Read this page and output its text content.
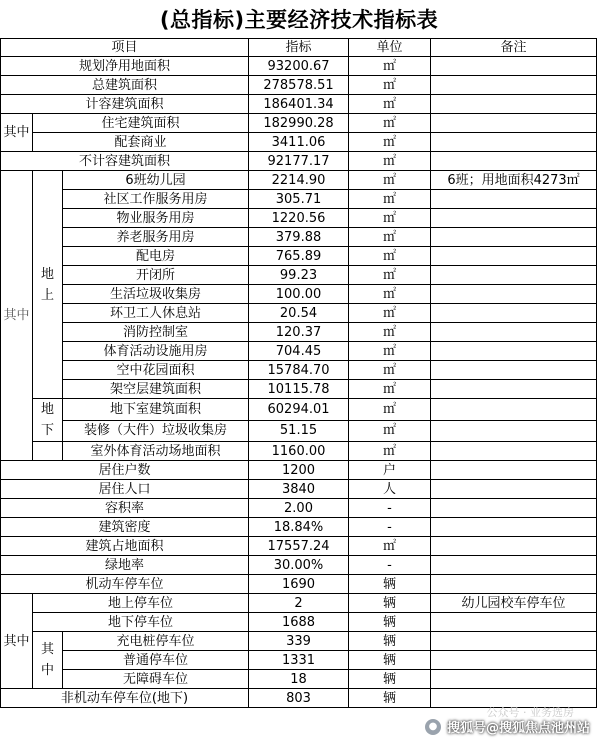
(总指标)主要经济技术指标表
项目			指标	单位	备注
规划净用地面积			93200.67	㎡	
总建筑面积			278578.51	㎡	
计容建筑面积			186401.34	㎡	
其中	住宅建筑面积		182990.28	㎡	
	配套商业		3411.06	㎡	
不计容建筑面积			92177.17	㎡	
其中	地上	6班幼儿园	2214.90	㎡	6班；用地面积4273㎡
		社区工作服务用房	305.71	㎡	
		物业服务用房	1220.56	㎡	
		养老服务用房	379.88	㎡	
		配电房	765.89	㎡	
		开闭所	99.23	㎡	
		生活垃圾收集房	100.00	㎡	
		环卫工人休息站	20.54	㎡	
		消防控制室	120.37	㎡	
		体育活动设施用房	704.45	㎡	
		空中花园面积	15784.70	㎡	
		架空层建筑面积	10115.78	㎡	
	地下	地下室建筑面积	60294.01	㎡	
		装修（大件）垃圾收集房	51.15	㎡	
		室外体育活动场地面积	1160.00	㎡	
居住户数			1200	户	
居住人口			3840	人	
容积率			2.00	-	
建筑密度			18.84%	-	
建筑占地面积			17557.24	㎡	
绿地率			30.00%	-	
机动车停车位			1690	辆	
其中	地上停车位		2	辆	幼儿园校车停车位
	地下停车位		1688	辆	
	其中	充电桩停车位	339	辆	
		普通停车位	1331	辆	
		无障碍车位	18	辆	
非机动车停车位(地下)			803	辆	
公众号 · 业务选房
● 搜狐号@搜狐焦点池州站
